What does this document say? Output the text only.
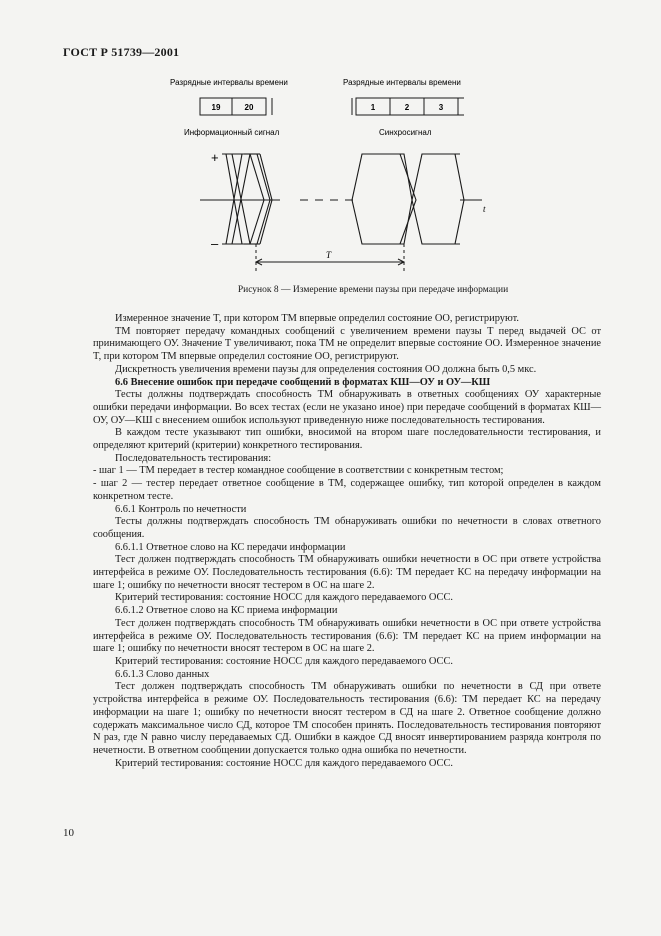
ГОСТ Р 51739—2001
Разрядные интервалы времени	Разрядные интервалы времени
19	20	1	2	3
Информационный сигнал	Синхросигнал
+
–
t
T
Рисунок 8 — Измерение времени паузы при передаче информации

Измеренное значение T, при котором ТМ впервые определил состояние ОО, регистрируют.

ТМ повторяет передачу командных сообщений с увеличением времени паузы T перед выдачей ОС от принимающего ОУ. Значение T увеличивают, пока ТМ не определит впервые состояние ОО. Измеренное значение T, при котором ТМ впервые определил состояние ОО, регистрируют.

Дискретность увеличения времени паузы для определения состояния ОО должна быть 0,5 мкс.

6.6 Внесение ошибок при передаче сообщений в форматах КШ—ОУ и ОУ—КШ

Тесты должны подтверждать способность ТМ обнаруживать в ответных сообщениях ОУ характерные ошибки передачи информации. Во всех тестах (если не указано иное) при передаче сообщений в форматах КШ—ОУ, ОУ—КШ с внесением ошибок используют приведенную ниже последовательность тестирования.

В каждом тесте указывают тип ошибки, вносимой на втором шаге последовательности тестирования, и определяют критерий (критерии) конкретного тестирования.

Последовательность тестирования:

- шаг 1 — ТМ передает в тестер командное сообщение в соответствии с конкретным тестом;

- шаг 2 — тестер передает ответное сообщение в ТМ, содержащее ошибку, тип которой определен в каждом конкретном тесте.

6.6.1 Контроль по нечетности

Тесты должны подтверждать способность ТМ обнаруживать ошибки по нечетности в словах ответного сообщения.

6.6.1.1 Ответное слово на КС передачи информации

Тест должен подтверждать способность ТМ обнаруживать ошибки нечетности в ОС при ответе устройства интерфейса в режиме ОУ. Последовательность тестирования (6.6): ТМ передает КС на передачу информации на шаге 1; ошибку по нечетности вносят тестером в ОС на шаге 2.

Критерий тестирования: состояние НОСС для каждого передаваемого ОСС.

6.6.1.2 Ответное слово на КС приема информации

Тест должен подтверждать способность ТМ обнаруживать ошибки нечетности в ОС при ответе устройства интерфейса в режиме ОУ. Последовательность тестирования (6.6): ТМ передает КС на прием информации на шаге 1; ошибку по нечетности вносят тестером в ОС на шаге 2.

Критерий тестирования: состояние НОСС для каждого передаваемого ОСС.

6.6.1.3 Слово данных

Тест должен подтверждать способность ТМ обнаруживать ошибки по нечетности в СД при ответе устройства интерфейса в режиме ОУ. Последовательность тестирования (6.6): ТМ передает КС на передачу информации на шаге 1; ошибку по нечетности вносят тестером в СД на шаге 2. Ответное сообщение должно содержать максимальное число СД, которое ТМ способен принять. Последовательность тестирования повторяют N раз, где N равно числу передаваемых СД. Ошибки в каждое СД вносят инвертированием разряда контроля по нечетности. В ответном сообщении допускается только одна ошибка по нечетности.

Критерий тестирования: состояние НОСС для каждого передаваемого ОСС.

10
